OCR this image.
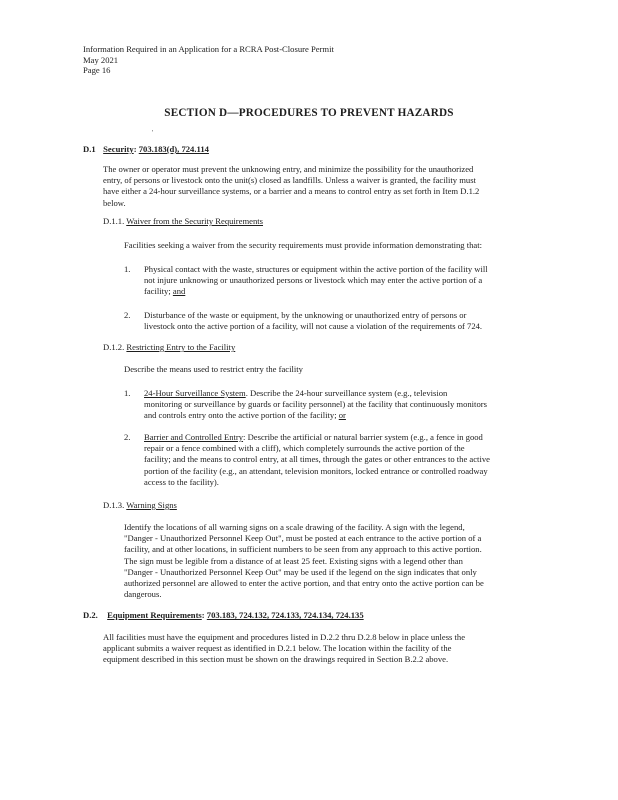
Information Required in an Application for a RCRA Post-Closure Permit
May 2021
Page 16
SECTION D—PROCEDURES TO PREVENT HAZARDS
'
D.1 Security: 703.183(d), 724.114
The owner or operator must prevent the unknowing entry, and minimize the possibility for the unauthorized
entry, of persons or livestock onto the unit(s) closed as landfills. Unless a waiver is granted, the facility must
have either a 24-hour surveillance systems, or a barrier and a means to control entry as set forth in Item D.1.2
below.
D.1.1. Waiver from the Security Requirements
Facilities seeking a waiver from the security requirements must provide information demonstrating that:
1. Physical contact with the waste, structures or equipment within the active portion of the facility will
not injure unknowing or unauthorized persons or livestock which may enter the active portion of a
facility; and
2. Disturbance of the waste or equipment, by the unknowing or unauthorized entry of persons or
livestock onto the active portion of a facility, will not cause a violation of the requirements of 724.
D.1.2. Restricting Entry to the Facility
Describe the means used to restrict entry the facility
1. 24-Hour Surveillance System. Describe the 24-hour surveillance system (e.g., television
monitoring or surveillance by guards or facility personnel) at the facility that continuously monitors
and controls entry onto the active portion of the facility; or
2. Barrier and Controlled Entry: Describe the artificial or natural barrier system (e.g., a fence in good
repair or a fence combined with a cliff), which completely surrounds the active portion of the
facility; and the means to control entry, at all times, through the gates or other entrances to the active
portion of the facility (e.g., an attendant, television monitors, locked entrance or controlled roadway
access to the facility).
D.1.3. Warning Signs
Identify the locations of all warning signs on a scale drawing of the facility. A sign with the legend,
"Danger - Unauthorized Personnel Keep Out", must be posted at each entrance to the active portion of a
facility, and at other locations, in sufficient numbers to be seen from any approach to this active portion.
The sign must be legible from a distance of at least 25 feet. Existing signs with a legend other than
"Danger - Unauthorized Personnel Keep Out" may be used if the legend on the sign indicates that only
authorized personnel are allowed to enter the active portion, and that entry onto the active portion can be
dangerous.
D.2. Equipment Requirements: 703.183, 724.132, 724.133, 724.134, 724.135
All facilities must have the equipment and procedures listed in D.2.2 thru D.2.8 below in place unless the
applicant submits a waiver request as identified in D.2.1 below. The location within the facility of the
equipment described in this section must be shown on the drawings required in Section B.2.2 above.
